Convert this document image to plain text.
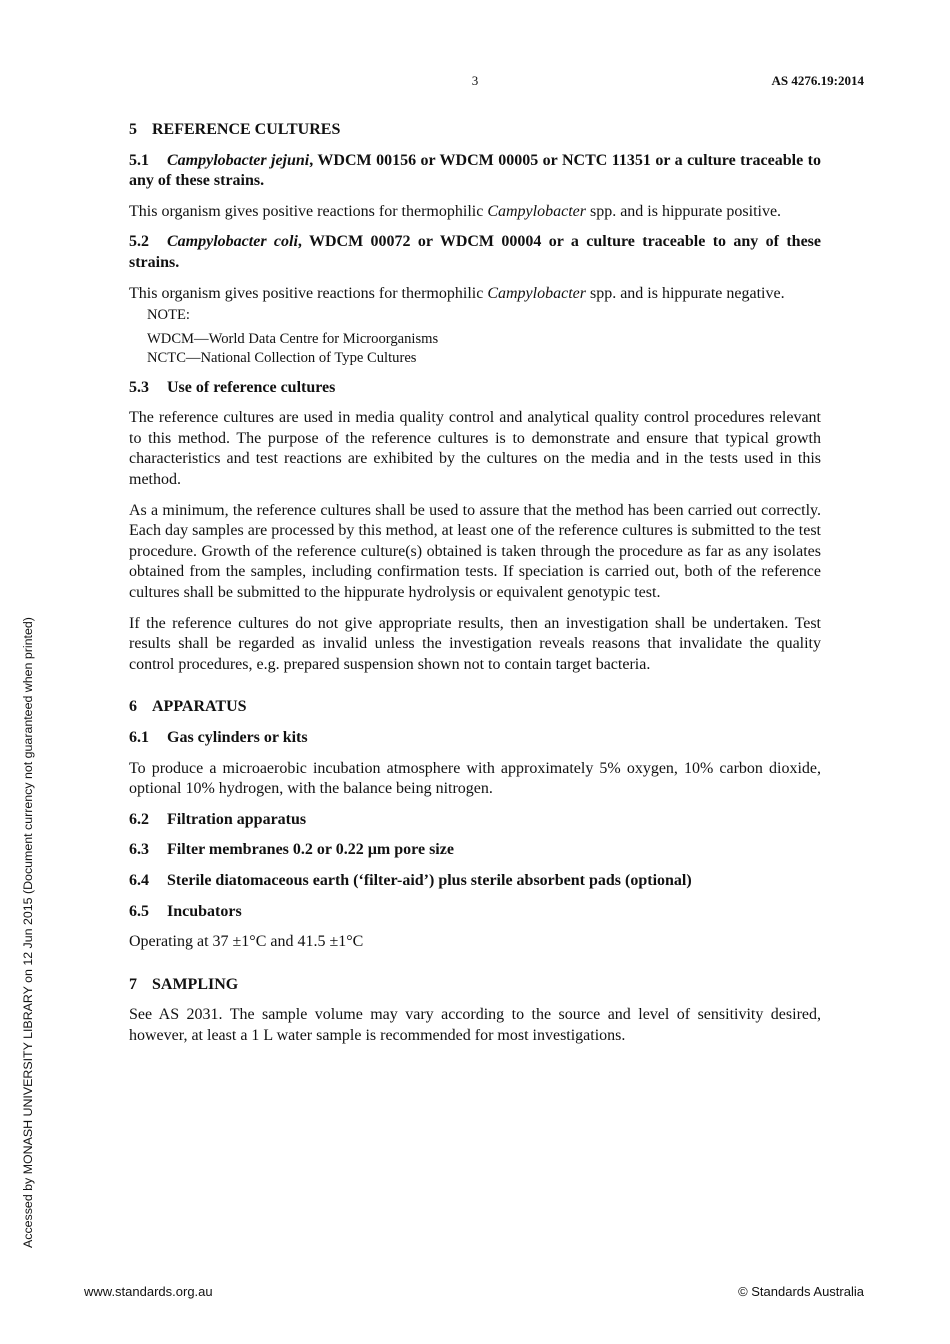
3	AS 4276.19:2014
Accessed by MONASH UNIVERSITY LIBRARY on 12 Jun 2015 (Document currency not guaranteed when printed)
5 REFERENCE CULTURES

5.1 Campylobacter jejuni, WDCM 00156 or WDCM 00005 or NCTC 11351 or a culture traceable to any of these strains.

This organism gives positive reactions for thermophilic Campylobacter spp. and is hippurate positive.

5.2 Campylobacter coli, WDCM 00072 or WDCM 00004 or a culture traceable to any of these strains.

This organism gives positive reactions for thermophilic Campylobacter spp. and is hippurate negative.

NOTE:
WDCM—World Data Centre for Microorganisms
NCTC—National Collection of Type Cultures
5.3 Use of reference cultures

The reference cultures are used in media quality control and analytical quality control procedures relevant to this method. The purpose of the reference cultures is to demonstrate and ensure that typical growth characteristics and test reactions are exhibited by the cultures on the media and in the tests used in this method.

As a minimum, the reference cultures shall be used to assure that the method has been carried out correctly. Each day samples are processed by this method, at least one of the reference cultures is submitted to the test procedure. Growth of the reference culture(s) obtained is taken through the procedure as far as any isolates obtained from the samples, including confirmation tests. If speciation is carried out, both of the reference cultures shall be submitted to the hippurate hydrolysis or equivalent genotypic test.

If the reference cultures do not give appropriate results, then an investigation shall be undertaken. Test results shall be regarded as invalid unless the investigation reveals reasons that invalidate the quality control procedures, e.g. prepared suspension shown not to contain target bacteria.

6 APPARATUS
6.1 Gas cylinders or kits

To produce a microaerobic incubation atmosphere with approximately 5% oxygen, 10% carbon dioxide, optional 10% hydrogen, with the balance being nitrogen.

6.2 Filtration apparatus
6.3 Filter membranes 0.2 or 0.22 µm pore size
6.4 Sterile diatomaceous earth (‘filter-aid’) plus sterile absorbent pads (optional)
6.5 Incubators

Operating at 37 ±1°C and 41.5 ±1°C

7 SAMPLING

See AS 2031. The sample volume may vary according to the source and level of sensitivity desired, however, at least a 1 L water sample is recommended for most investigations.

www.standards.org.au	© Standards Australia
